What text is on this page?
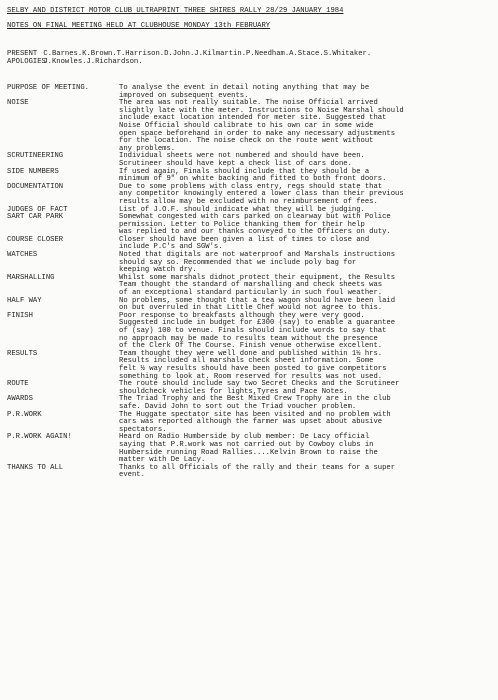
SELBY AND DISTRICT MOTOR CLUB ULTRAPRINT THREE SHIRES RALLY 28/29 JANUARY 1984
NOTES ON FINAL MEETING HELD AT CLUBHOUSE MONDAY 13th FEBRUARY
PRESENT C.Barnes.K.Brown.T.Harrison.D.John.J.Kilmartin.P.Needham.A.Stace.S.Whitaker.
APOLOGIES J.Knowles.J.Richardson.
PURPOSE OF MEETING.	To analyse the event in detail noting anything that may be
improved on subsequent events.
NOISE	The area was not really suitable. The noise Official arrived
slightly late with the meter. Instructions to Noise Marshal should
include exact location intended for meter site. Suggested that
Noise Official should calibrate to his own car in some wide
open space beforehand in order to make any necessary adjustments
for the location. The noise check on the route went without
any problems.
SCRUTINEERING	Individual sheets were not numbered and should have been.
Scrutineer should have kept a check list of cars done.
SIDE NUMBERS	If used again, Finals should include that they should be a
minimum of 9" on white backing and fitted to both front doors.
DOCUMENTATION	Due to some problems with class entry, regs should state that
any competitor knowingly entered a lower class than their previous
results allow may be excluded with no reimbursement of fees.
JUDGES OF FACT	List of J.O.F. should indicate what they will be judging.
SART CAR PARK	Somewhat congested with cars parked on clearway but with Police
permission. Letter to Police thanking them for their help
was replied to and our thanks conveyed to the Officers on duty.
COURSE CLOSER	Closer should have been given a list of times to close and
include P.C's and SGW's.
WATCHES	Noted that digitals are not waterproof and Marshals instructions
should say so. Recommended that we include poly bag for
keeping watch dry.
MARSHALLING	Whilst some marshals didnot protect their equipment, the Results
Team thought the standard of marshalling and check sheets was
of an exceptional standard particularly in such foul weather.
HALF WAY	No problems, some thought that a tea wagon should have been laid
on but overruled in that Little Chef would not agree to this.
FINISH	Poor response to breakfasts although they were very good.
Suggested include in budget for £300 (say) to enable a guarantee
of (say) 100 to venue. Finals should include words to say that
no approach may be made to results team without the presence
of the Clerk Of The Course. Finish venue otherwise excellent.
RESULTS	Team thought they were well done and published within 1½ hrs.
Results included all marshals check sheet information. Some
felt ½ way results should have been posted to give competitors
something to look at. Room reserved for results was not used.
ROUTE	The route should include say two Secret Checks and the Scrutineer
shouldcheck vehicles for lights,Tyres and Pace Notes.
AWARDS	The Triad Trophy and the Best Mixed Crew Trophy are in the club
safe. David John to sort out the Triad voucher problem.
P.R.WORK	The Huggate spectator site has been visited and no problem with
cars was reported although the farmer was upset about abusive
spectators.
P.R.WORK AGAIN!	Heard on Radio Humberside by club member: De Lacy official
saying that P.R.work was not carried out by Cowboy clubs in
Humberside running Road Rallies....Kelvin Brown to raise the
matter with De Lacy.
THANKS TO ALL	Thanks to all Officials of the rally and their teams for a super
event.
